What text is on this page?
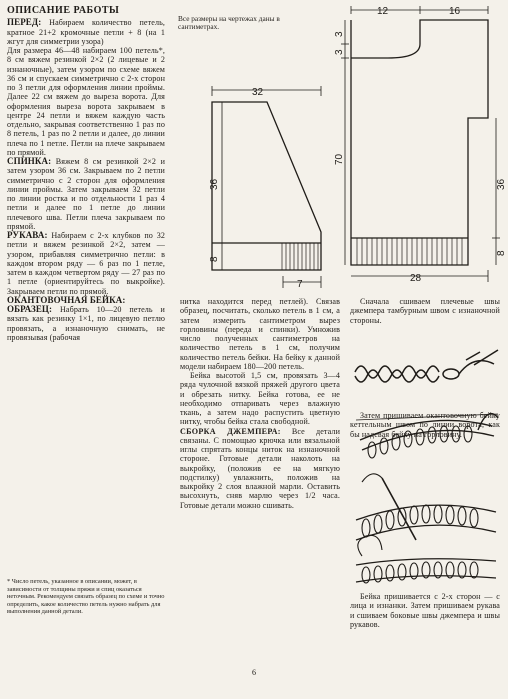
ОПИСАНИЕ РАБОТЫ

ПЕРЕД: Набираем количество петель, кратное 21+2 кромочные петли + 8 (на 1 жгут для симметрии узора)

Для размера 46—48 набираем 100 петель*, 8 см вяжем резинкой 2×2 (2 лицевые и 2 изнаночные), затем узором по схеме вяжем 36 см и спускаем симметрично с 2-х сторон по 3 петли для оформления линии проймы. Далее 22 см вяжем до выреза ворота. Для оформления выреза ворота закрываем в центре 24 петли и вяжем каждую часть отдельно, закрывая соответственно 1 раз по 8 петель, 1 раз по 2 петли и далее, до линии плеча по 1 петле. Петли на плече закрываем по прямой.

СПИНКА: Вяжем 8 см резинкой 2×2 и затем узором 36 см. Закрываем по 2 петли симметрично с 2 сторон для оформления линии проймы. Затем закрываем 32 петли по линии ростка и по отдельности 1 раз 4 петли и далее по 1 петле до линии плечевого шва. Петли плеча закрываем по прямой.

РУКАВА: Набираем с 2-х клубков по 32 петли и вяжем резинкой 2×2, затем — узором, прибавляя симметрично петли: в каждом втором ряду — 6 раз по 1 петле, затем в каждом четвертом ряду — 27 раз по 1 петле (ориентируйтесь по выкройке). Закрываем петли по прямой.

ОКАНТОВОЧНАЯ БЕЙКА:

ОБРАЗЕЦ: Набрать 10—20 петель и вязать как резинку 1×1, по лицевую петлю провязать, а изнаночную снимать, не провязывая (рабочая

* Число петель, указанное в описании, может, в зависимости от толщины пряжи и спиц оказаться неточным. Рекомендуем связать образец по схеме и точно определить, какое количество петель нужно набрать для выполнения данной детали.
Все размеры на чертежах даны в сантиметрах.
32
36
8
7
12	16
3
3
70
36
8
28

нитка находится перед петлей). Связав образец, посчитать, сколько петель в 1 см, а затем измерить сантиметром вырез горловины (переда и спинки). Умножив число полученных сантиметров на количество петель в 1 см, получим количество петель бейки. На бейку к данной модели набираем 180—200 петель.

Бейка высотой 1,5 см, провязать 3—4 ряда чулочной вязкой пряжей другого цвета и обрезать нитку. Бейка готова, ее не необходимо отпаривать через влажную ткань, а затем надо распустить цветную нитку, чтобы бейка стала свободной.

СБОРКА ДЖЕМПЕРА: Все детали связаны. С помощью крючка или вязальной иглы спрятать концы ниток на изнаночной стороне. Готовые детали наколоть на выкройку, (положив ее на мягкую подстилку) увлажнить, положив на выкройку 2 слоя влажной марли. Оставить высохнуть, сняв марлю через 1/2 часа. Готовые детали можно сшивать.

Сначала сшиваем плечевые швы джемпера тамбурным швом с изнаночной стороны.

Затем пришиваем окантовочную бейку кеттельным швом по линии ворота, как бы надевая бейку на горловину.

Бейка пришивается с 2-х сторон — с лица и изнанки. Затем пришиваем рукава и сшиваем боковые швы джемпера и швы рукавов.

6
